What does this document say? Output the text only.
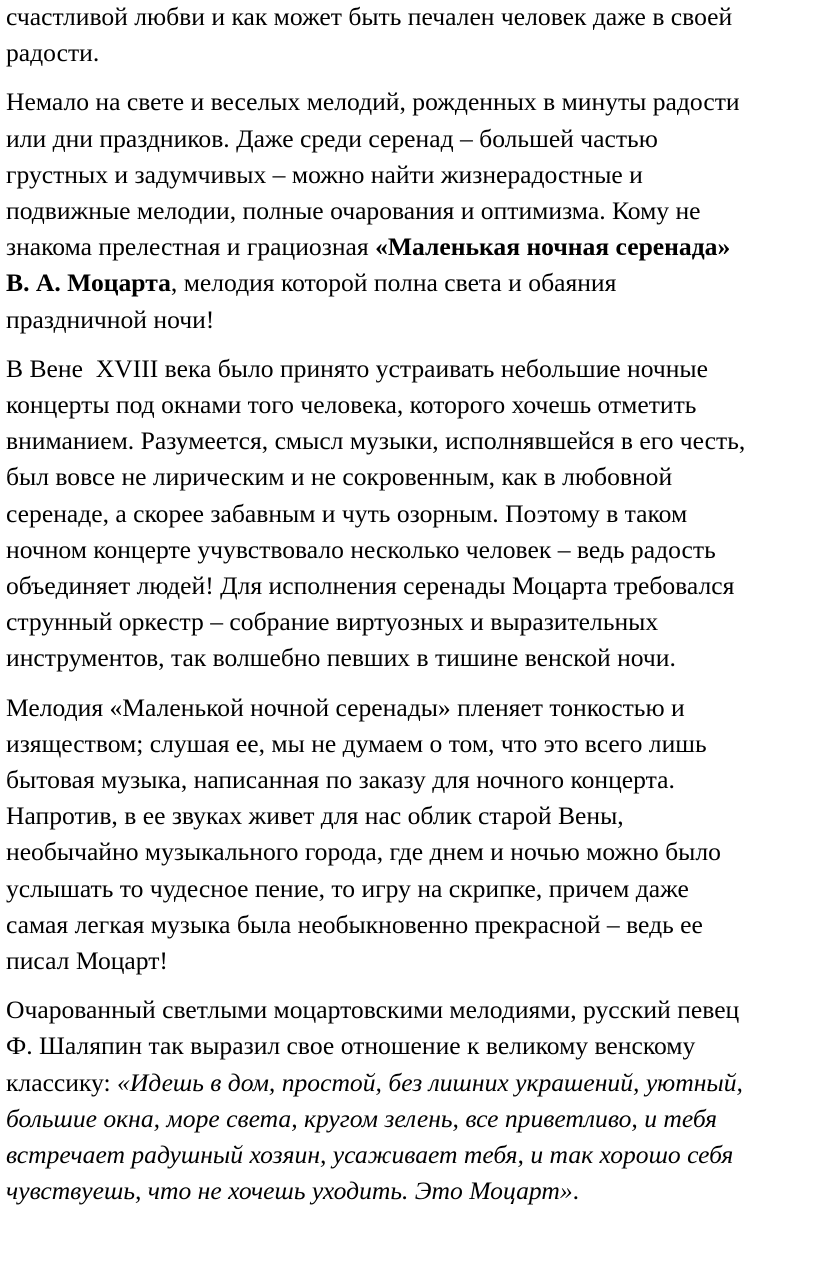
счастливой любви и как может быть печален человек даже в своей
радости.

Немало на свете и веселых мелодий, рожденных в минуты радости
или дни праздников. Даже среди серенад – большей частью
грустных и задумчивых – можно найти жизнерадостные и
подвижные мелодии, полные очарования и оптимизма. Кому не
знакома прелестная и грациозная «Маленькая ночная серенада»
В. А. Моцарта, мелодия которой полна света и обаяния
праздничной ночи!

В Вене  XVIII века было принято устраивать небольшие ночные
концерты под окнами того человека, которого хочешь отметить
вниманием. Разумеется, смысл музыки, исполнявшейся в его честь,
был вовсе не лирическим и не сокровенным, как в любовной
серенаде, а скорее забавным и чуть озорным. Поэтому в таком
ночном концерте учувствовало несколько человек – ведь радость
объединяет людей! Для исполнения серенады Моцарта требовался
струнный оркестр – собрание виртуозных и выразительных
инструментов, так волшебно певших в тишине венской ночи.

Мелодия «Маленькой ночной серенады» пленяет тонкостью и
изяществом; слушая ее, мы не думаем о том, что это всего лишь
бытовая музыка, написанная по заказу для ночного концерта.
Напротив, в ее звуках живет для нас облик старой Вены,
необычайно музыкального города, где днем и ночью можно было
услышать то чудесное пение, то игру на скрипке, причем даже
самая легкая музыка была необыкновенно прекрасной – ведь ее
писал Моцарт!

Очарованный светлыми моцартовскими мелодиями, русский певец
Ф. Шаляпин так выразил свое отношение к великому венскому
классику: «Идешь в дом, простой, без лишних украшений, уютный,
большие окна, море света, кругом зелень, все приветливо, и тебя
встречает радушный хозяин, усаживает тебя, и так хорошо себя
чувствуешь, что не хочешь уходить. Это Моцарт».
